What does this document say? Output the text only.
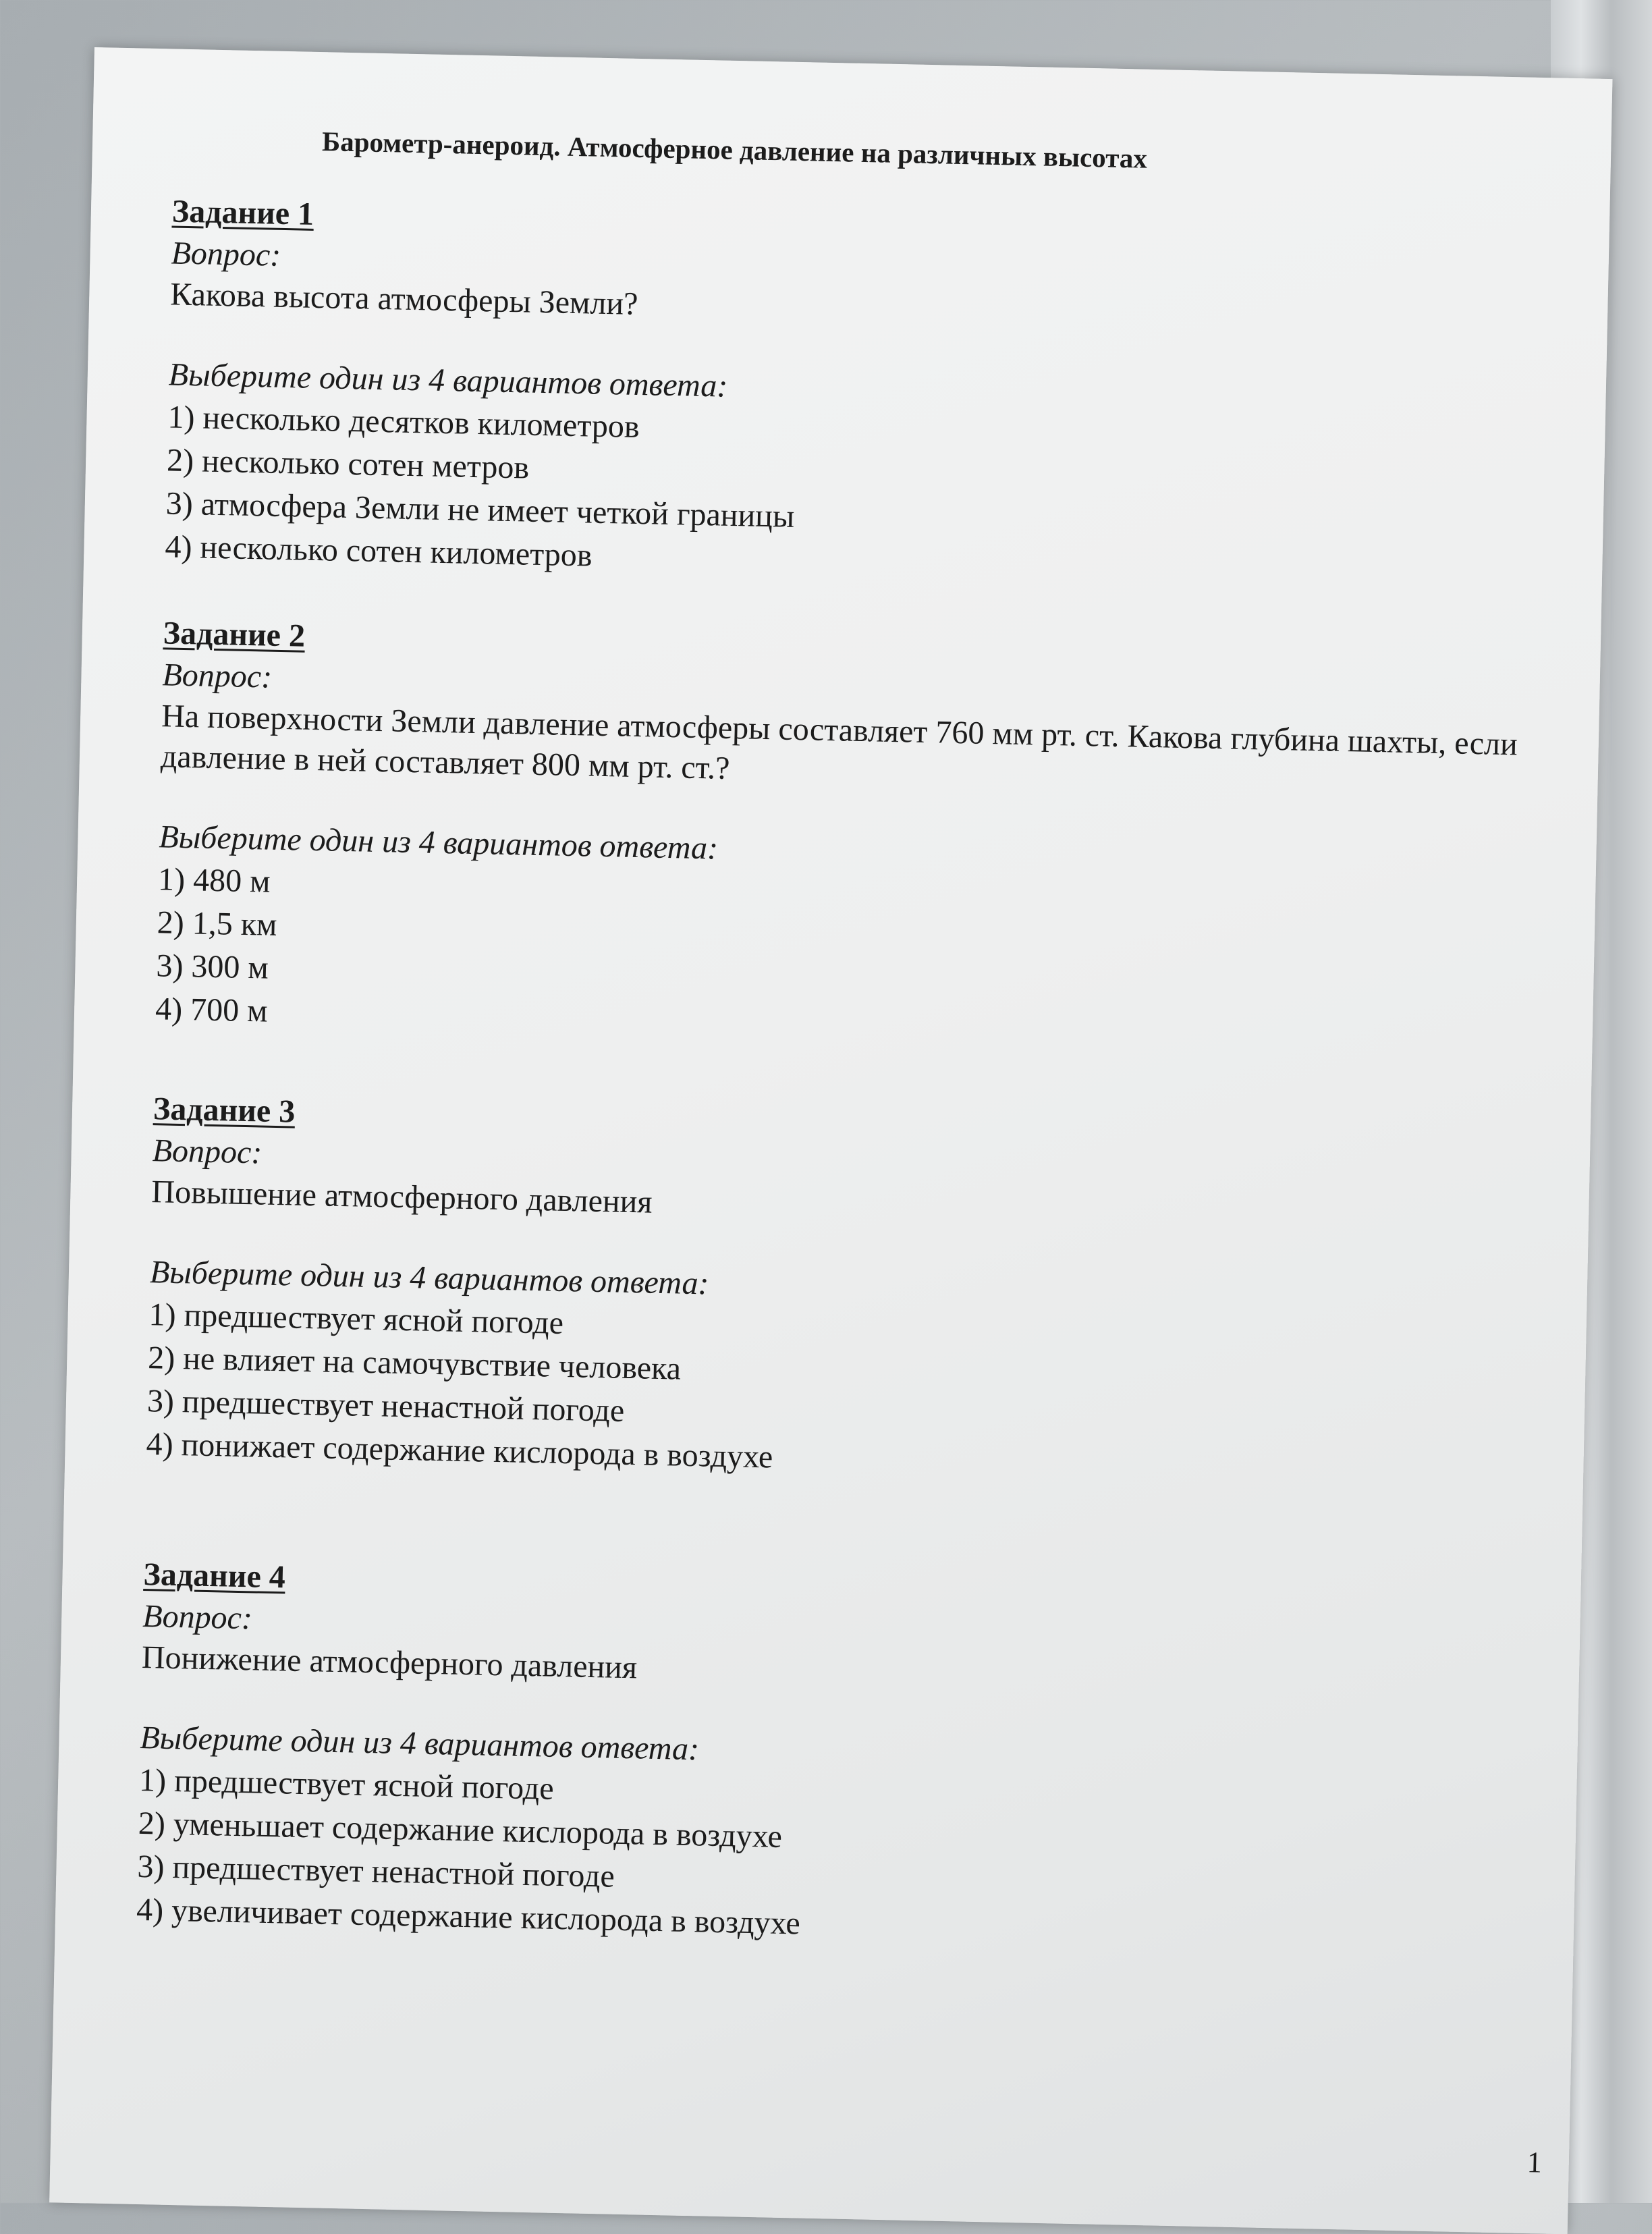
Барометр-анероид. Атмосферное давление на различных высотах

Задание 1

Вопрос:

Какова высота атмосферы Земли?

Выберите один из 4 вариантов ответа:

1) несколько десятков километров
2) несколько сотен метров
3) атмосфера Земли не имеет четкой границы
4) несколько сотен километров

Задание 2

Вопрос:

На поверхности Земли давление атмосферы составляет 760 мм рт. ст. Какова глубина шахты, если давление в ней составляет 800 мм рт. ст.?

Выберите один из 4 вариантов ответа:

1) 480 м
2) 1,5 км
3) 300 м
4) 700 м

Задание 3

Вопрос:

Повышение атмосферного давления

Выберите один из 4 вариантов ответа:

1) предшествует ясной погоде
2) не влияет на самочувствие человека
3) предшествует ненастной погоде
4) понижает содержание кислорода в воздухе

Задание 4

Вопрос:

Понижение атмосферного давления

Выберите один из 4 вариантов ответа:

1) предшествует ясной погоде
2) уменьшает содержание кислорода в воздухе
3) предшествует ненастной погоде
4) увеличивает содержание кислорода в воздухе
1
